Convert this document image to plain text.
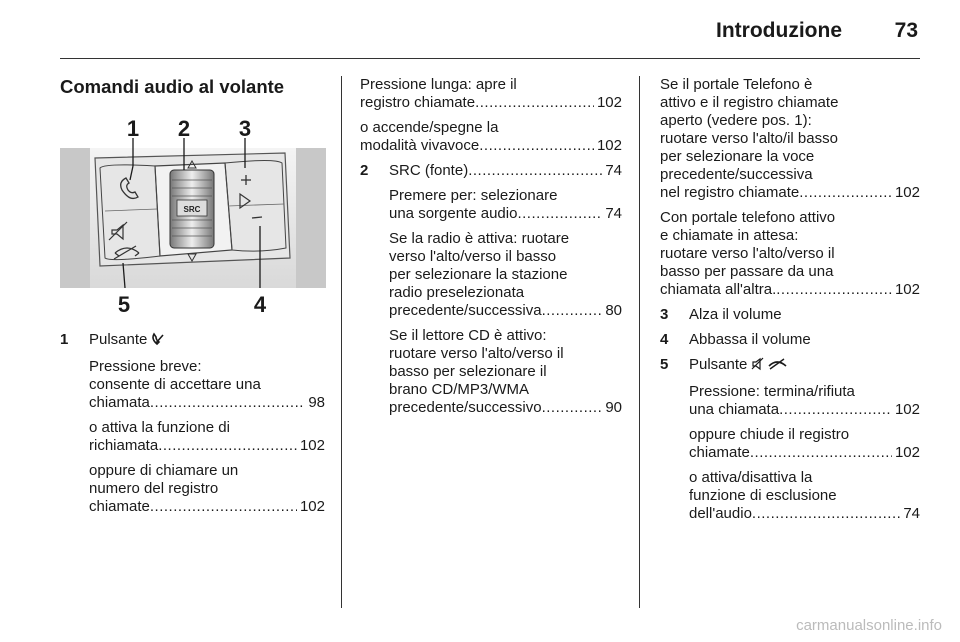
Introduzione	73
Comandi audio al volante
SRC
1 2 3
4
5
1 Pulsante
Pressione breve:
consente di accettare una
chiamata .....	98
o attiva la funzione di
richiamata .....	102
oppure di chiamare un
numero del registro
chiamate .....	102
Pressione lunga: apre il
registro chiamate .....	102
o accende/spegne la
modalità vivavoce .....	102
2 SRC (fonte) .....	74
Premere per: selezionare
una sorgente audio .....	74
Se la radio è attiva: ruotare
verso l'alto/verso il basso
per selezionare la stazione
radio preselezionata
precedente/successiva .....	80
Se il lettore CD è attivo:
ruotare verso l'alto/verso il
basso per selezionare il
brano CD/MP3/WMA
precedente/successivo .....	90
Se il portale Telefono è
attivo e il registro chiamate
aperto (vedere pos. 1):
ruotare verso l'alto/il basso
per selezionare la voce
precedente/successiva
nel registro chiamate .....	102
Con portale telefono attivo
e chiamate in attesa:
ruotare verso l'alto/verso il
basso per passare da una
chiamata all'altra. .....	102
3 Alza il volume
4 Abbassa il volume
5 Pulsante
Pressione: termina/rifiuta
una chiamata .....	102
oppure chiude il registro
chiamate .....	102
o attiva/disattiva la
funzione di esclusione
dell'audio .....	74
carmanualsonline.info
